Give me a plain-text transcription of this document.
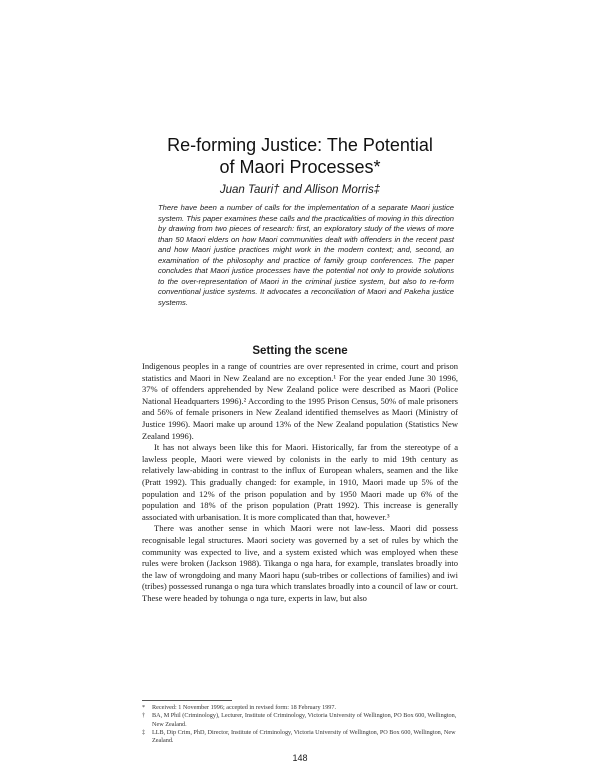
Re-forming Justice: The Potential
of Maori Processes*
Juan Tauri† and Allison Morris‡
There have been a number of calls for the implementation of a separate Maori justice system. This paper examines these calls and the practicalities of moving in this direction by drawing from two pieces of research: first, an exploratory study of the views of more than 50 Maori elders on how Maori communities dealt with offenders in the recent past and how Maori justice practices might work in the modern context; and, second, an examination of the philosophy and practice of family group conferences. The paper concludes that Maori justice processes have the potential not only to provide solutions to the over-representation of Maori in the criminal justice system, but also to re-form conventional justice systems. It advocates a reconciliation of Maori and Pakeha justice systems.
Setting the scene

Indigenous peoples in a range of countries are over represented in crime, court and prison statistics and Maori in New Zealand are no exception.¹ For the year ended June 30 1996, 37% of offenders apprehended by New Zealand police were described as Maori (Police National Headquarters 1996).² According to the 1995 Prison Census, 50% of male prisoners and 56% of female prisoners in New Zealand identified themselves as Maori (Ministry of Justice 1996). Maori make up around 13% of the New Zealand population (Statistics New Zealand 1996).

It has not always been like this for Maori. Historically, far from the stereotype of a lawless people, Maori were viewed by colonists in the early to mid 19th century as relatively law-abiding in contrast to the influx of European whalers, seamen and the like (Pratt 1992). This gradually changed: for example, in 1910, Maori made up 5% of the population and 12% of the prison population and by 1950 Maori made up 6% of the population and 18% of the prison population (Pratt 1992). This increase is generally associated with urbanisation. It is more complicated than that, however.³

There was another sense in which Maori were not law-less. Maori did possess recognisable legal structures. Maori society was governed by a set of rules by which the community was expected to live, and a system existed which was employed when these rules were broken (Jackson 1988). Tikanga o nga hara, for example, translates broadly into the law of wrongdoing and many Maori hapu (sub-tribes or collections of families) and iwi (tribes) possessed runanga o nga tura which translates broadly into a council of law or court. These were headed by tohunga o nga ture, experts in law, but also

*	Received: 1 November 1996; accepted in revised form: 18 February 1997.
†	BA, M Phil (Criminology), Lecturer, Institute of Criminology, Victoria University of Wellington, PO Box 600, Wellington, New Zealand.
‡	LLB, Dip Crim, PhD, Director, Institute of Criminology, Victoria University of Wellington, PO Box 600, Wellington, New Zealand.
148
